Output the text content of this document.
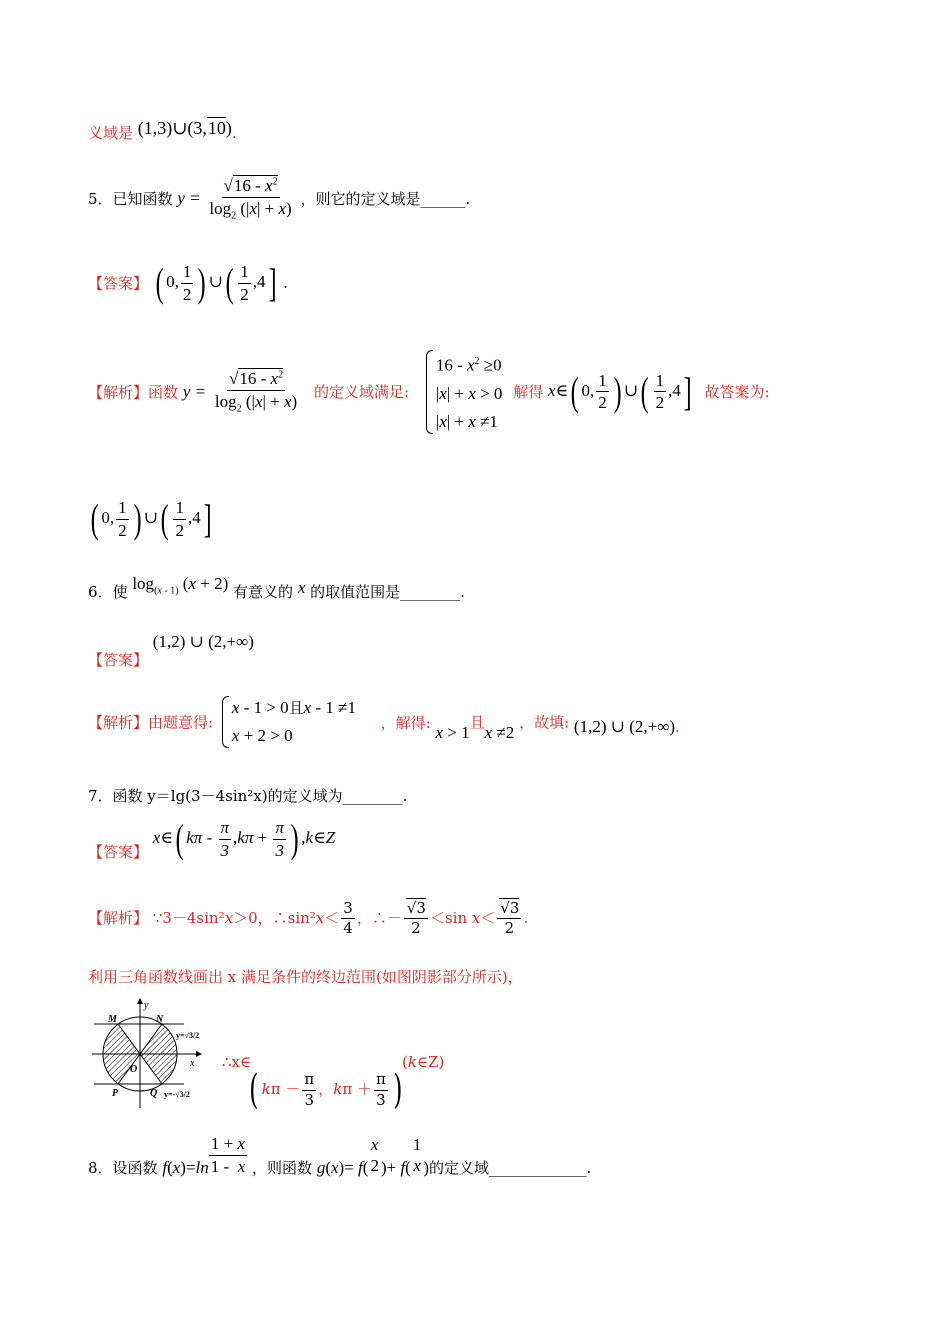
义域是 (1,3)∪(3,10).
5．已知函数 $y = \frac{√16 - x^2}{\log_2 (|x| + x)}$ ，则它的定义域是______.
【答案】 ( 0, $\frac{1}{2}$ ) ∪( $\frac{1}{2} ,4$] .
【解析】函数 $y = \frac{√16 - x^2}{\log_2 (|x| + x)}$ 的定义域满足:
$16 - x^2 \ge 0$
|x| + x > 0
|x| + x ≠1
解得 x∈( 0, $\frac{1}{2}$ ) ∪( $\frac{1}{2} ,4$] 故答案为:
( 0, $\frac{1}{2}$ ) ∪( $\frac{1}{2} ,4$]
6．使 $\log_{(x - 1)} (x + 2)$ 有意义的 x 的取值范围是________.
【答案】 (1,2) ∪ (2,+∞)
【解析】由题意得:
x - 1 > 0且x - 1 ≠1
x + 2 > 0
，解得: x > 1且x ≠2 ，故填: (1,2) ∪ (2,+∞).
7．函数 y＝lg(3－4sin²x)的定义域为________.
【答案】 x∈( $k\pi - \frac{\pi}{3} ,k\pi + \frac{\pi}{3}$ ) ,k∈Z
【解析】 ∵3－4sin²x＞0，∴sin²x＜ $\frac{3}{4}$ ，∴－ $\frac{√3}{2} <\sin$ $x< \frac{√3}{2}$ .
利用三角函数线画出 x 满足条件的终边范围(如图阴影部分所示)，
M	N
P	Q
O
x
y
y=√3/2
y=-√3/2
∴x∈	(k∈Z)
( $k\pi - \frac{\pi}{3}$ ，$k\pi + \frac{\pi}{3}$ )
8．设函数 $f(x)=\ln \frac{1 + x}{1 - x}$ ，则函数 g(x)= f(
x
2 )+ f(
1
x )的定义域_____________.
